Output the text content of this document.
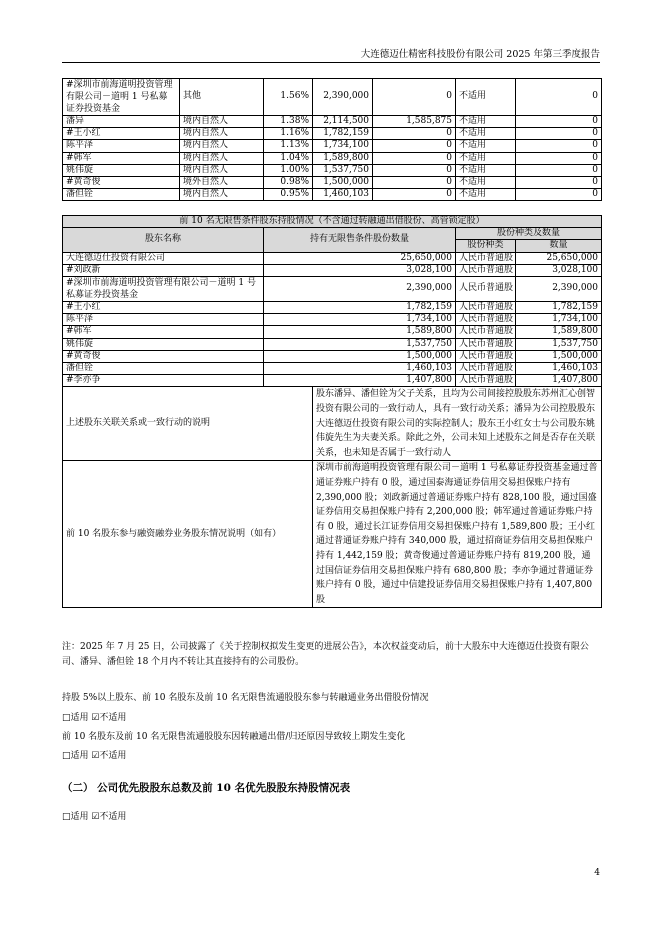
大连德迈仕精密科技股份有限公司 2025 年第三季度报告
#深圳市前海道明投资管理有限公司－道明 1 号私募证券投资基金	其他	1.56%	2,390,000	0	不适用	0
潘异	境内自然人	1.38%	2,114,500	1,585,875	不适用	0
#王小红	境内自然人	1.16%	1,782,159	0	不适用	0
陈平泽	境内自然人	1.13%	1,734,100	0	不适用	0
#韩军	境内自然人	1.04%	1,589,800	0	不适用	0
姚伟旋	境内自然人	1.00%	1,537,750	0	不适用	0
#黄奇俊	境外自然人	0.98%	1,500,000	0	不适用	0
潘但铨	境内自然人	0.95%	1,460,103	0	不适用	0
前 10 名无限售条件股东持股情况（不含通过转融通出借股份、高管锁定股）				
股东名称	持有无限售条件股份数量		股份种类及数量	
			股份种类	数量
大连德迈仕投资有限公司	25,650,000		人民币普通股	25,650,000
#刘政新	3,028,100		人民币普通股	3,028,100
#深圳市前海道明投资管理有限公司－道明 1 号私募证券投资基金	2,390,000		人民币普通股	2,390,000
#王小红	1,782,159		人民币普通股	1,782,159
陈平泽	1,734,100		人民币普通股	1,734,100
#韩军	1,589,800		人民币普通股	1,589,800
姚伟旋	1,537,750		人民币普通股	1,537,750
#黄奇俊	1,500,000		人民币普通股	1,500,000
潘但铨	1,460,103		人民币普通股	1,460,103
#李亦争	1,407,800		人民币普通股	1,407,800
上述股东关联关系或一致行动的说明		股东潘异、潘但铨为父子关系，且均为公司间接控股股东苏州汇心创智投资有限公司的一致行动人，具有一致行动关系；潘异为公司控股股东大连德迈仕投资有限公司的实际控制人；股东王小红女士与公司股东姚伟旋先生为夫妻关系。除此之外，公司未知上述股东之间是否存在关联关系，也未知是否属于一致行动人		
前 10 名股东参与融资融券业务股东情况说明（如有）		深圳市前海道明投资管理有限公司－道明 1 号私募证券投资基金通过普通证券账户持有 0 股，通过国泰海通证券信用交易担保账户持有 2,390,000 股；刘政新通过普通证券账户持有 828,100 股，通过国盛证券信用交易担保账户持有 2,200,000 股；韩军通过普通证券账户持有 0 股，通过长江证券信用交易担保账户持有 1,589,800 股；王小红通过普通证券账户持有 340,000 股，通过招商证券信用交易担保账户持有 1,442,159 股；黄奇俊通过普通证券账户持有 819,200 股，通过国信证券信用交易担保账户持有 680,800 股；李亦争通过普通证券账户持有 0 股，通过中信建投证券信用交易担保账户持有 1,407,800 股		
注：2025 年 7 月 25 日，公司披露了《关于控制权拟发生变更的进展公告》，本次权益变动后，前十大股东中大连德迈仕投资有限公司、潘异、潘但铨 18 个月内不转让其直接持有的公司股份。
持股 5%以上股东、前 10 名股东及前 10 名无限售流通股股东参与转融通业务出借股份情况
□适用 ☑不适用
前 10 名股东及前 10 名无限售流通股股东因转融通出借/归还原因导致较上期发生变化
□适用 ☑不适用
（二） 公司优先股股东总数及前 10 名优先股股东持股情况表
□适用 ☑不适用
4
